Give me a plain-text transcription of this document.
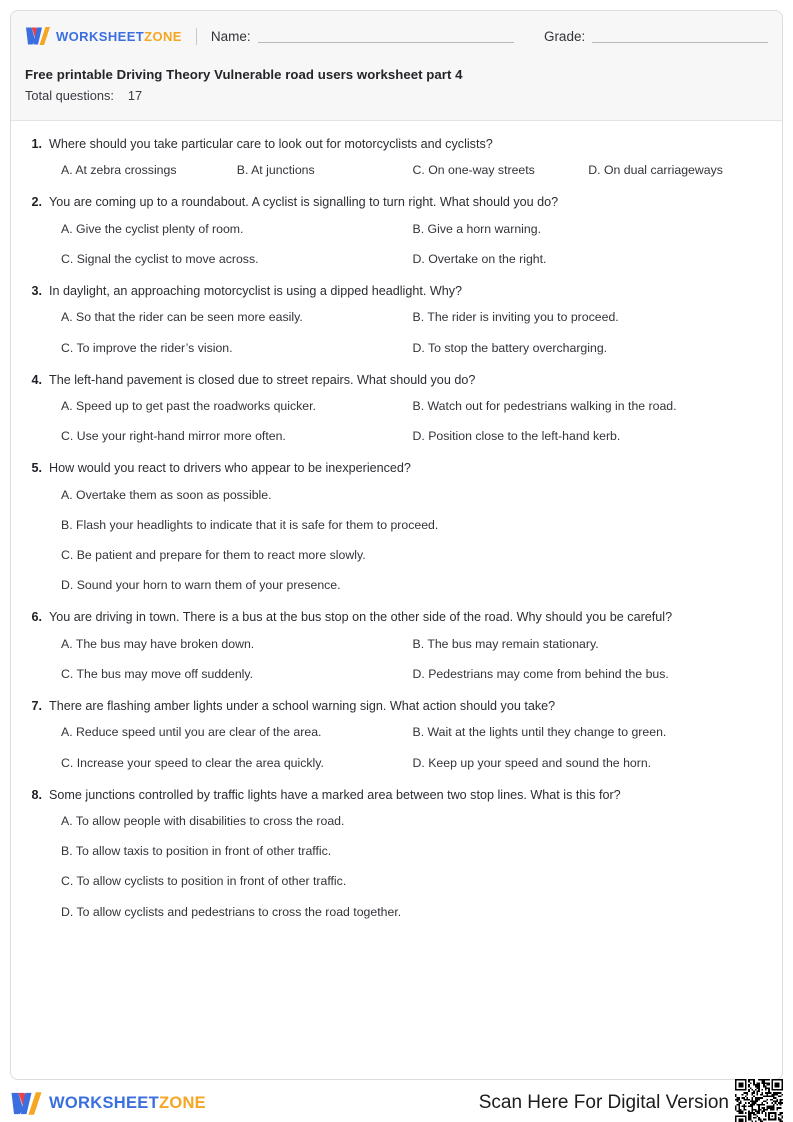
WORKSHEETZONE Name:	Grade:
Free printable Driving Theory Vulnerable road users worksheet part 4
Total questions: 17
1. Where should you take particular care to look out for motorcyclists and cyclists?
A. At zebra crossings	B. At junctions	C. On one-way streets	D. On dual carriageways
2. You are coming up to a roundabout. A cyclist is signalling to turn right. What should you do?
A. Give the cyclist plenty of room.	B. Give a horn warning.
C. Signal the cyclist to move across.	D. Overtake on the right.
3. In daylight, an approaching motorcyclist is using a dipped headlight. Why?
A. So that the rider can be seen more easily.	B. The rider is inviting you to proceed.
C. To improve the rider’s vision.	D. To stop the battery overcharging.
4. The left-hand pavement is closed due to street repairs. What should you do?
A. Speed up to get past the roadworks quicker.	B. Watch out for pedestrians walking in the road.
C. Use your right-hand mirror more often.	D. Position close to the left-hand kerb.
5. How would you react to drivers who appear to be inexperienced?
A. Overtake them as soon as possible.
B. Flash your headlights to indicate that it is safe for them to proceed.
C. Be patient and prepare for them to react more slowly.
D. Sound your horn to warn them of your presence.
6. You are driving in town. There is a bus at the bus stop on the other side of the road. Why should you be careful?
A. The bus may have broken down.	B. The bus may remain stationary.
C. The bus may move off suddenly.	D. Pedestrians may come from behind the bus.
7. There are flashing amber lights under a school warning sign. What action should you take?
A. Reduce speed until you are clear of the area.	B. Wait at the lights until they change to green.
C. Increase your speed to clear the area quickly.	D. Keep up your speed and sound the horn.
8. Some junctions controlled by traffic lights have a marked area between two stop lines. What is this for?
A. To allow people with disabilities to cross the road.
B. To allow taxis to position in front of other traffic.
C. To allow cyclists to position in front of other traffic.
D. To allow cyclists and pedestrians to cross the road together.
WORKSHEETZONE	Scan Here For Digital Version
